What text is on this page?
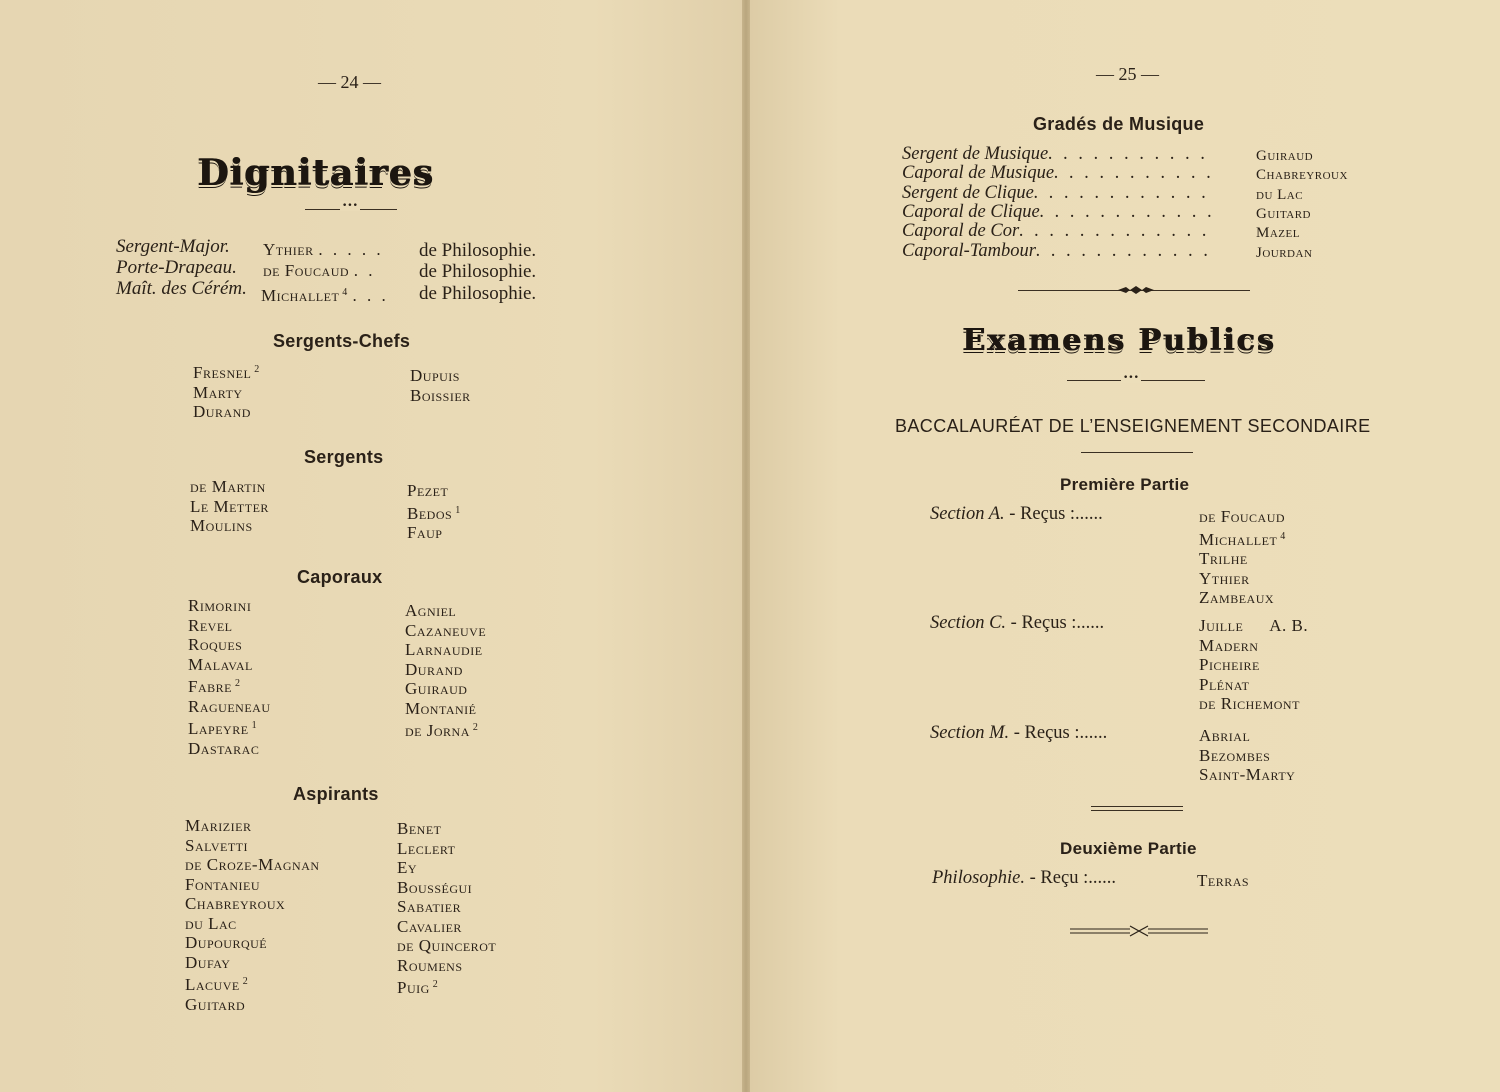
— 24 —
Dignitaires
•••
Sergent-Major. Ythier . . . . . de Philosophie.
Porte-Drapeau. de Foucaud . . de Philosophie.
Maît. des Cérém. Michallet $^4$ . . . de Philosophie.
Sergents-Chefs
Fresnel $^2$
Marty
Durand
Dupuis
Boissier
Sergents
de Martin
Le Metter
Moulins
Pezet
Bedos $^1$
Faup
Caporaux
Rimorini
Revel
Roques
Malaval
Fabre $^2$
Ragueneau
Lapeyre $^1$
Dastarac
Agniel
Cazaneuve
Larnaudie
Durand
Guiraud
Montanié
de Jorna $^2$
Aspirants
Marizier
Salvetti
de Croze-Magnan
Fontanieu
Chabreyroux
du Lac
Dupourqué
Dufay
Lacuve $^2$
Guitard
Benet
Leclert
Ey
Bousségui
Sabatier
Cavalier
de Quinceroт
Roumens
Puig $^2$
— 25 —
Gradés de Musique
Sergent de Musique. . . . . . . . . . .	Guiraud
Caporal de Musique. . . . . . . . . . .	Chabreyroux
Sergent de Clique. . . . . . . . . . . .	du Lac
Caporal de Clique. . . . . . . . . . . .	Guitard
Caporal de Cor. . . . . . . . . . . . .	Mazel
Caporal-Tambour. . . . . . . . . . . .	Jourdan
Examens Publics
•••
BACCALAURÉAT DE L’ENSEIGNEMENT SECONDAIRE
Première Partie
Section A. - Reçus :......	de Foucaud
Michallet $^4$
Trilhe
Ythier
Zambeaux
Section C. - Reçus :......	Juille A. B.
Madern
Picheire
Plénat
de Richemont
Section M. - Reçus :......	Abrial
Bezombes
Saint-Marty
Deuxième Partie
Philosophie. - Reçu :......	Terras
